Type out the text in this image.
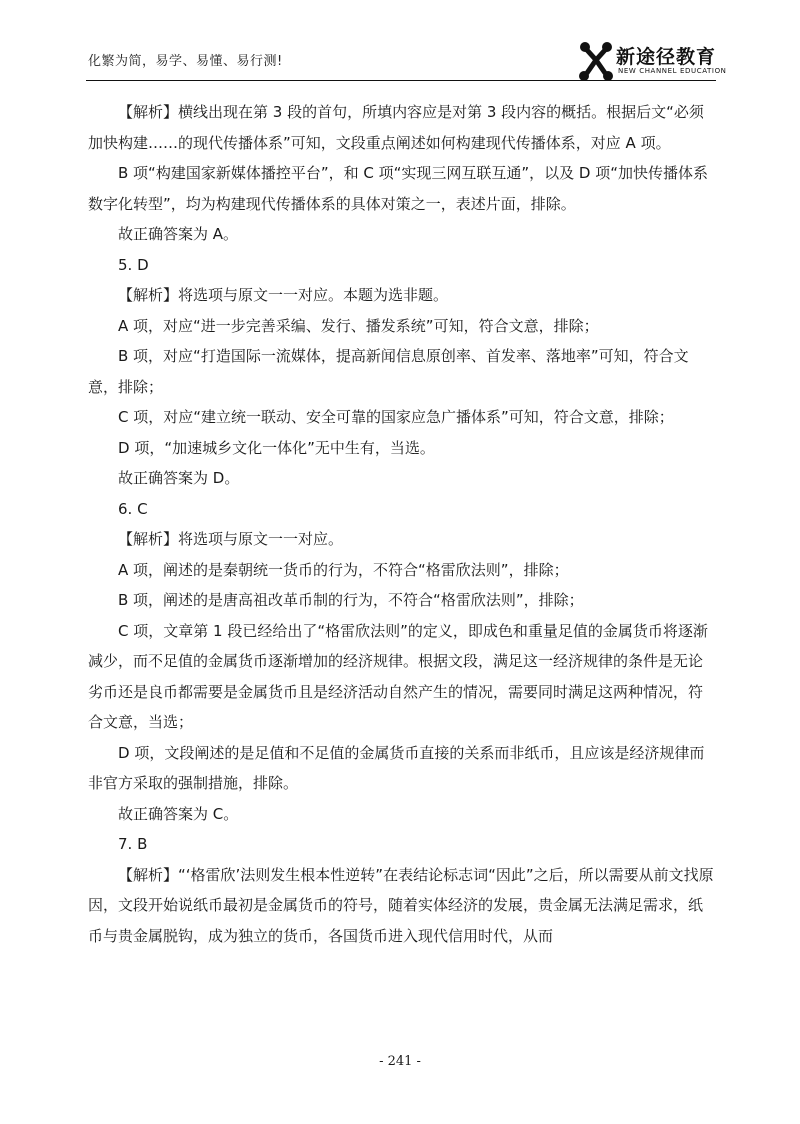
化繁为简，易学、易懂、易行测!	新途径教育
NEW CHANNEL EDUCATION

【解析】横线出现在第 3 段的首句，所填内容应是对第 3 段内容的概括。根据后文“必须加快构建……的现代传播体系”可知，文段重点阐述如何构建现代传播体系，对应 A 项。

B 项“构建国家新媒体播控平台”，和 C 项“实现三网互联互通”，以及 D 项“加快传播体系数字化转型”，均为构建现代传播体系的具体对策之一，表述片面，排除。

故正确答案为 A。

5. D

【解析】将选项与原文一一对应。本题为选非题。

A 项，对应“进一步完善采编、发行、播发系统”可知，符合文意，排除；

B 项，对应“打造国际一流媒体，提高新闻信息原创率、首发率、落地率”可知，符合文意，排除；

C 项，对应“建立统一联动、安全可靠的国家应急广播体系”可知，符合文意，排除；

D 项，“加速城乡文化一体化”无中生有，当选。

故正确答案为 D。

6. C

【解析】将选项与原文一一对应。

A 项，阐述的是秦朝统一货币的行为，不符合“格雷欣法则”，排除；

B 项，阐述的是唐高祖改革币制的行为，不符合“格雷欣法则”，排除；

C 项，文章第 1 段已经给出了“格雷欣法则”的定义，即成色和重量足值的金属货币将逐渐减少，而不足值的金属货币逐渐增加的经济规律。根据文段，满足这一经济规律的条件是无论劣币还是良币都需要是金属货币且是经济活动自然产生的情况，需要同时满足这两种情况，符合文意，当选；

D 项，文段阐述的是足值和不足值的金属货币直接的关系而非纸币，且应该是经济规律而非官方采取的强制措施，排除。

故正确答案为 C。

7. B

【解析】“‘格雷欣’法则发生根本性逆转”在表结论标志词“因此”之后，所以需要从前文找原因，文段开始说纸币最初是金属货币的符号，随着实体经济的发展，贵金属无法满足需求，纸币与贵金属脱钩，成为独立的货币，各国货币进入现代信用时代，从而

- 241 -
